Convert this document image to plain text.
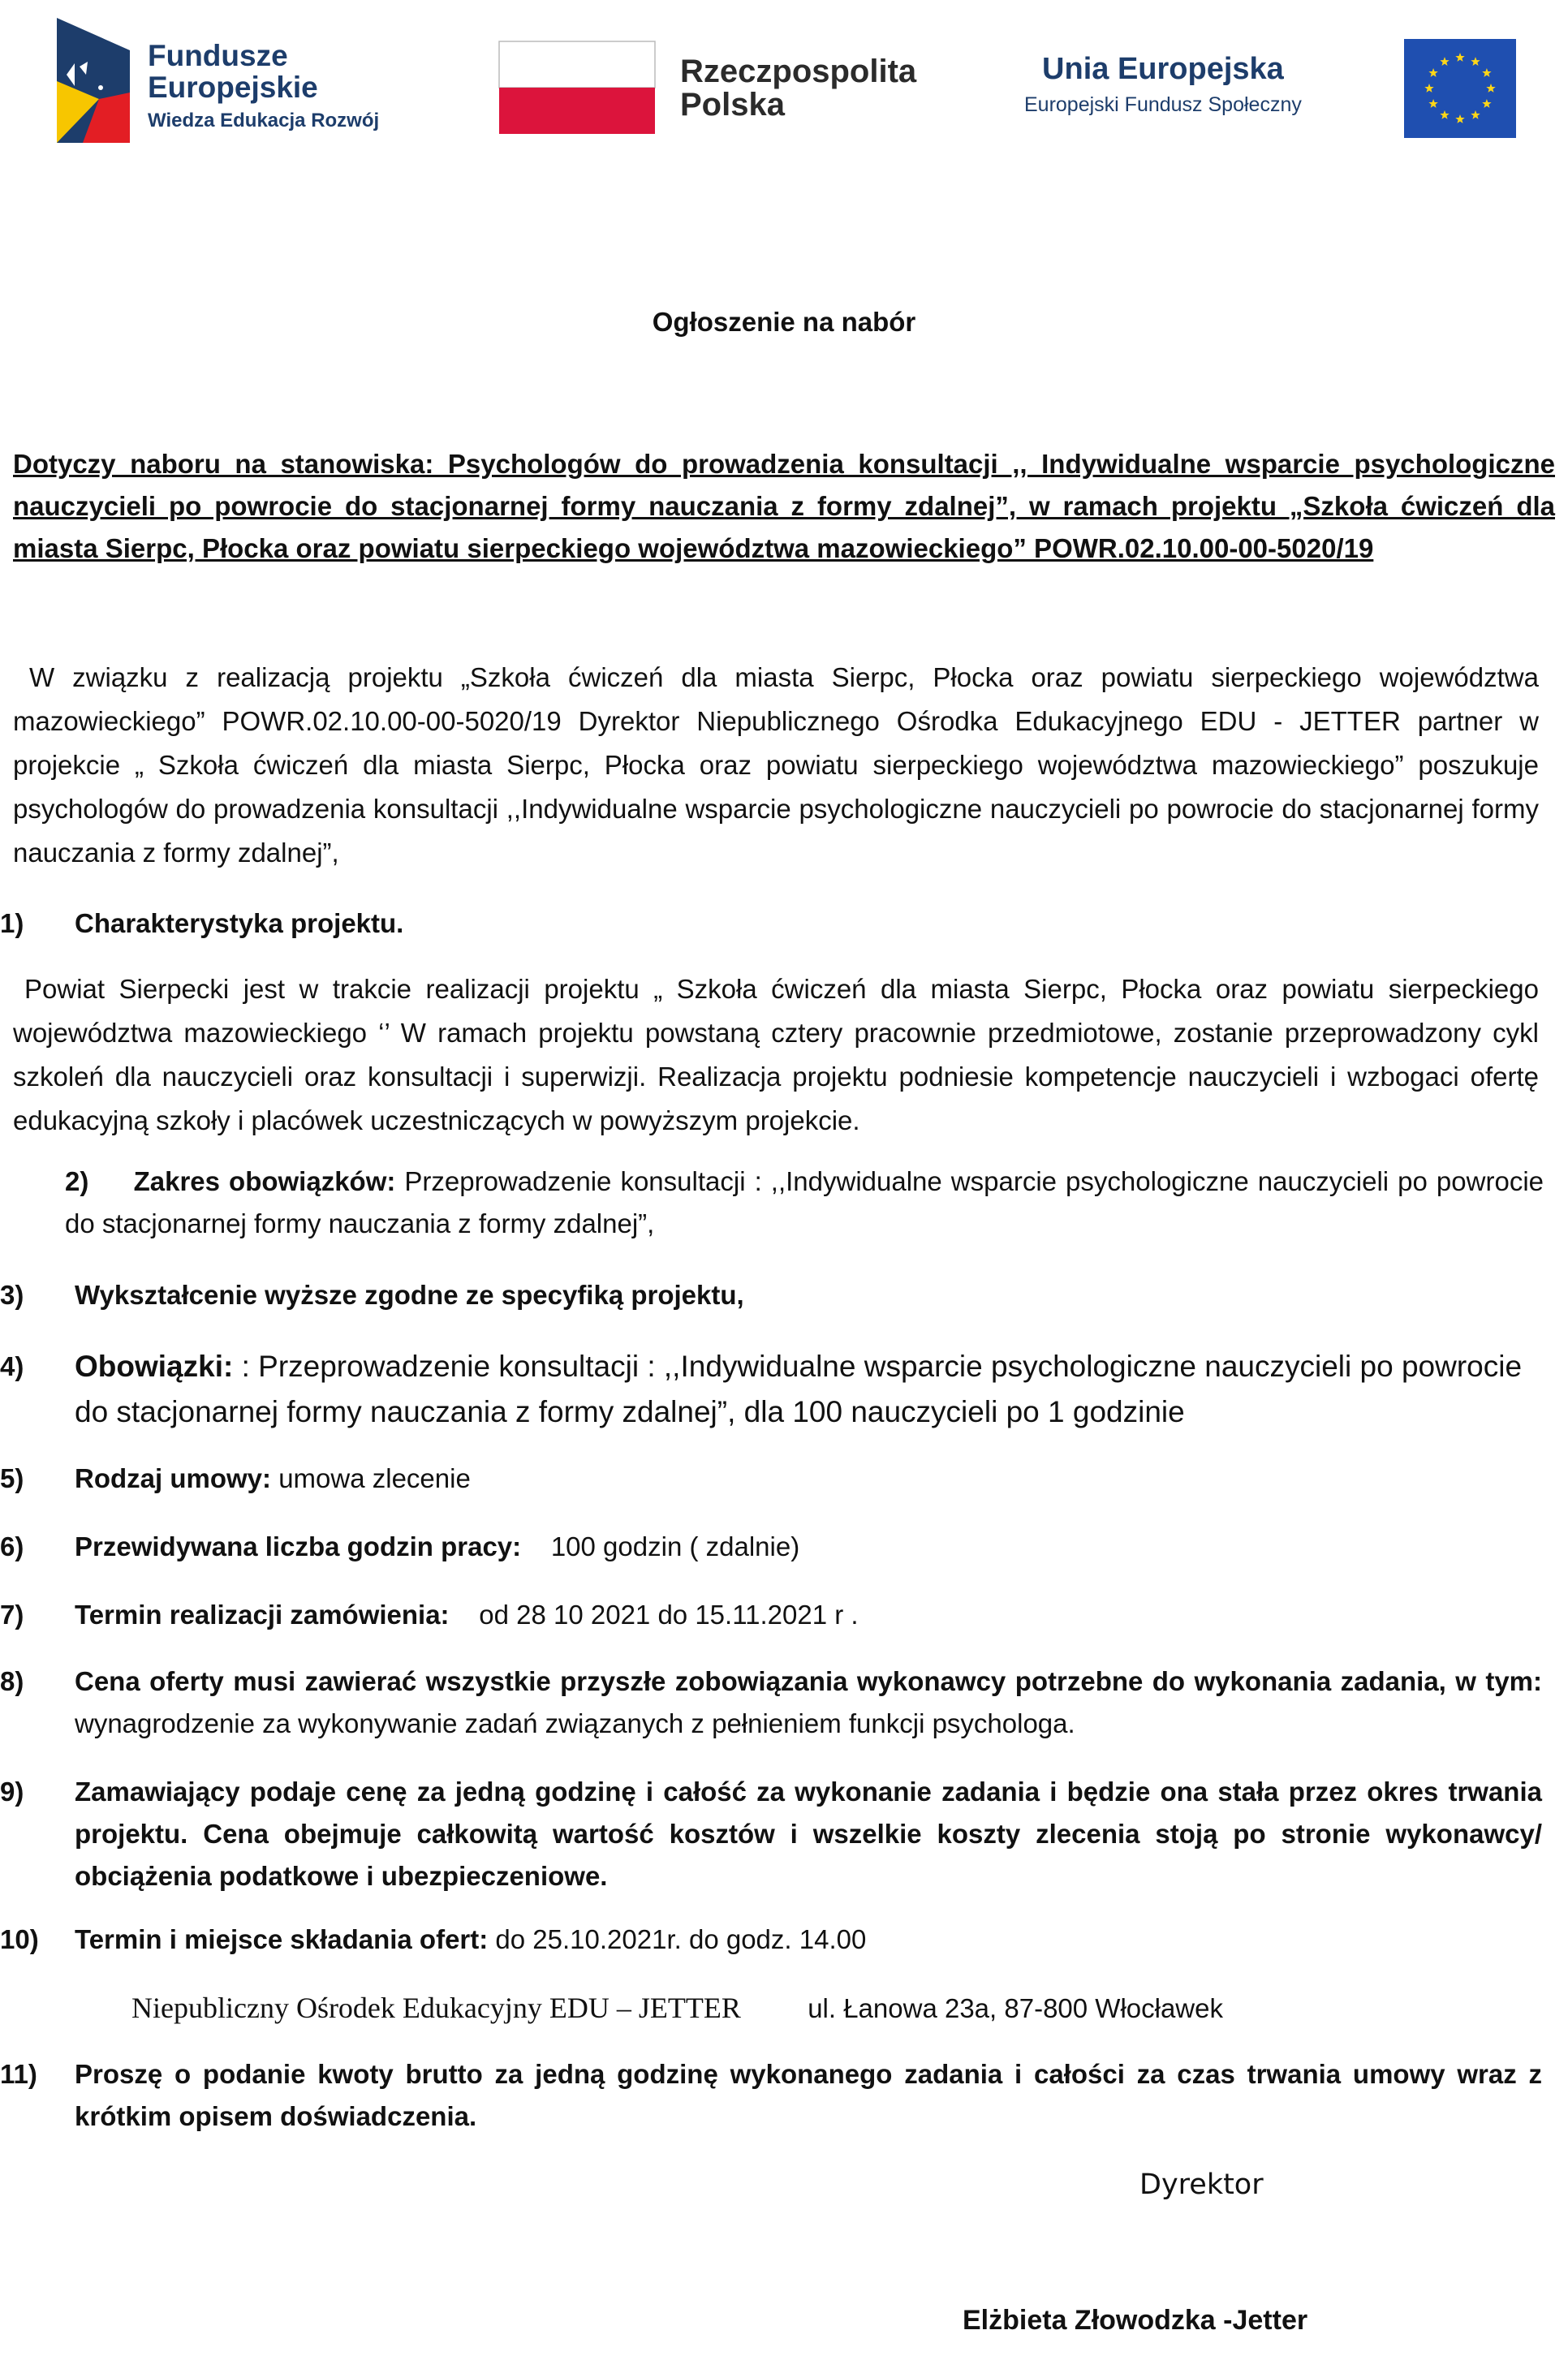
Fundusze
Europejskie
Wiedza Edukacja Rozwój
Rzeczpospolita
Polska
Unia Europejska
Europejski Fundusz Społeczny
Ogłoszenie na nabór
Dotyczy naboru na stanowiska: Psychologów do prowadzenia konsultacji ,, Indywidualne wsparcie psychologiczne nauczycieli po powrocie do stacjonarnej formy nauczania z formy zdalnej”, w ramach projektu „Szkoła ćwiczeń dla miasta Sierpc, Płocka oraz powiatu sierpeckiego województwa mazowieckiego” POWR.02.10.00-00-5020/19
W związku z realizacją projektu „Szkoła ćwiczeń dla miasta Sierpc, Płocka oraz powiatu sierpeckiego województwa mazowieckiego” POWR.02.10.00-00-5020/19 Dyrektor Niepublicznego Ośrodka Edukacyjnego EDU - JETTER partner w projekcie „ Szkoła ćwiczeń dla miasta Sierpc, Płocka oraz powiatu sierpeckiego województwa mazowieckiego” poszukuje psychologów do prowadzenia konsultacji ,,Indywidualne wsparcie psychologiczne nauczycieli po powrocie do stacjonarnej formy nauczania z formy zdalnej”,
1)	Charakterystyka projektu.
Powiat Sierpecki jest w trakcie realizacji projektu „ Szkoła ćwiczeń dla miasta Sierpc, Płocka oraz powiatu sierpeckiego województwa mazowieckiego ‘’ W ramach projektu powstaną cztery pracownie przedmiotowe, zostanie przeprowadzony cykl szkoleń dla nauczycieli oraz konsultacji i superwizji. Realizacja projektu podniesie kompetencje nauczycieli i wzbogaci ofertę edukacyjną szkoły i placówek uczestniczących w powyższym projekcie.
2) Zakres obowiązków: Przeprowadzenie konsultacji : ,,Indywidualne wsparcie psychologiczne nauczycieli po powrocie do stacjonarnej formy nauczania z formy zdalnej”,
3)	Wykształcenie wyższe zgodne ze specyfiką projektu,
4)	Obowiązki: : Przeprowadzenie konsultacji : ,,Indywidualne wsparcie psychologiczne nauczycieli po powrocie do stacjonarnej formy nauczania z formy zdalnej”, dla 100 nauczycieli po 1 godzinie
5)	Rodzaj umowy: umowa zlecenie
6)	Przewidywana liczba godzin pracy: 100 godzin ( zdalnie)
7)	Termin realizacji zamówienia: od 28 10 2021 do 15.11.2021 r .
8)	Cena oferty musi zawierać wszystkie przyszłe zobowiązania wykonawcy potrzebne do wykonania zadania, w tym: wynagrodzenie za wykonywanie zadań związanych z pełnieniem funkcji psychologa.
9)	Zamawiający podaje cenę za jedną godzinę i całość za wykonanie zadania i będzie ona stała przez okres trwania projektu. Cena obejmuje całkowitą wartość kosztów i wszelkie koszty zlecenia stoją po stronie wykonawcy/ obciążenia podatkowe i ubezpieczeniowe.
10)	Termin i miejsce składania ofert: do 25.10.2021r. do godz. 14.00
Niepubliczny Ośrodek Edukacyjny EDU – JETTER ul. Łanowa 23a, 87-800 Włocławek
11)	Proszę o podanie kwoty brutto za jedną godzinę wykonanego zadania i całości za czas trwania umowy wraz z krótkim opisem doświadczenia.
Dyrektor
Elżbieta Złowodzka -Jetter
